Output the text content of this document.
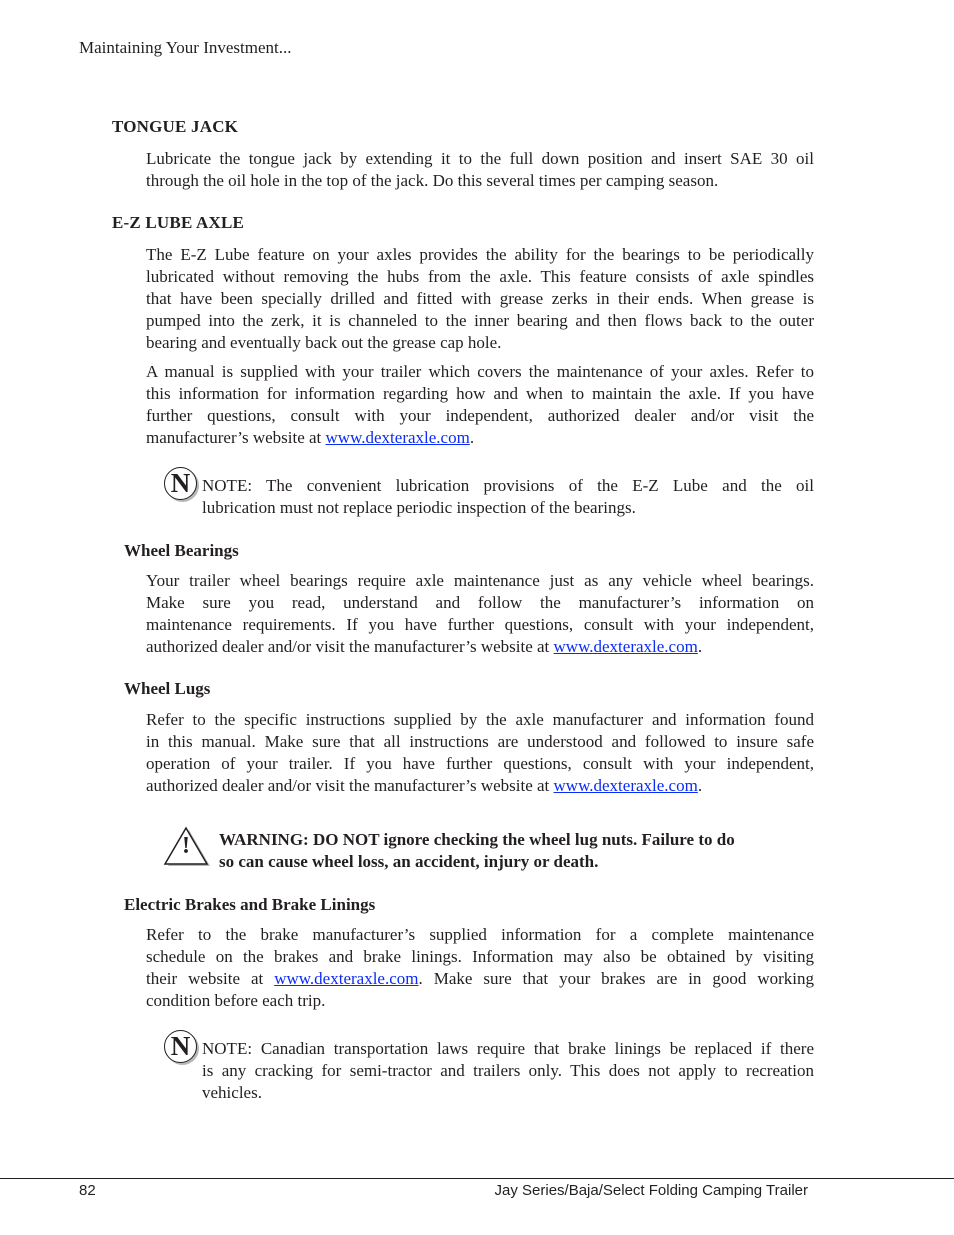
Maintaining Your Investment...
TONGUE JACK
Lubricate the tongue jack by extending it to the full down position and insert SAE 30 oil
through the oil hole in the top of the jack. Do this several times per camping season.
E-Z LUBE AXLE
The E-Z Lube feature on your axles provides the ability for the bearings to be periodically
lubricated without removing the hubs from the axle. This feature consists of axle spindles
that have been specially drilled and fitted with grease zerks in their ends. When grease is
pumped into the zerk, it is channeled to the inner bearing and then flows back to the outer
bearing and eventually back out the grease cap hole.
A manual is supplied with your trailer which covers the maintenance of your axles. Refer to
this information for information regarding how and when to maintain the axle. If you have
further questions, consult with your independent, authorized dealer and/or visit the
manufacturer’s website at www.dexteraxle.com.
N NOTE: The convenient lubrication provisions of the E-Z Lube and the oil
lubrication must not replace periodic inspection of the bearings.
Wheel Bearings
Your trailer wheel bearings require axle maintenance just as any vehicle wheel bearings.
Make sure you read, understand and follow the manufacturer’s information on
maintenance requirements. If you have further questions, consult with your independent,
authorized dealer and/or visit the manufacturer’s website at www.dexteraxle.com.
Wheel Lugs
Refer to the specific instructions supplied by the axle manufacturer and information found
in this manual. Make sure that all instructions are understood and followed to insure safe
operation of your trailer. If you have further questions, consult with your independent,
authorized dealer and/or visit the manufacturer’s website at www.dexteraxle.com.
!	WARNING: DO NOT ignore checking the wheel lug nuts. Failure to do
so can cause wheel loss, an accident, injury or death.
Electric Brakes and Brake Linings
Refer to the brake manufacturer’s supplied information for a complete maintenance
schedule on the brakes and brake linings. Information may also be obtained by visiting
their website at www.dexteraxle.com. Make sure that your brakes are in good working
condition before each trip.
N NOTE: Canadian transportation laws require that brake linings be replaced if there
is any cracking for semi-tractor and trailers only. This does not apply to recreation
vehicles.
82	Jay Series/Baja/Select Folding Camping Trailer
